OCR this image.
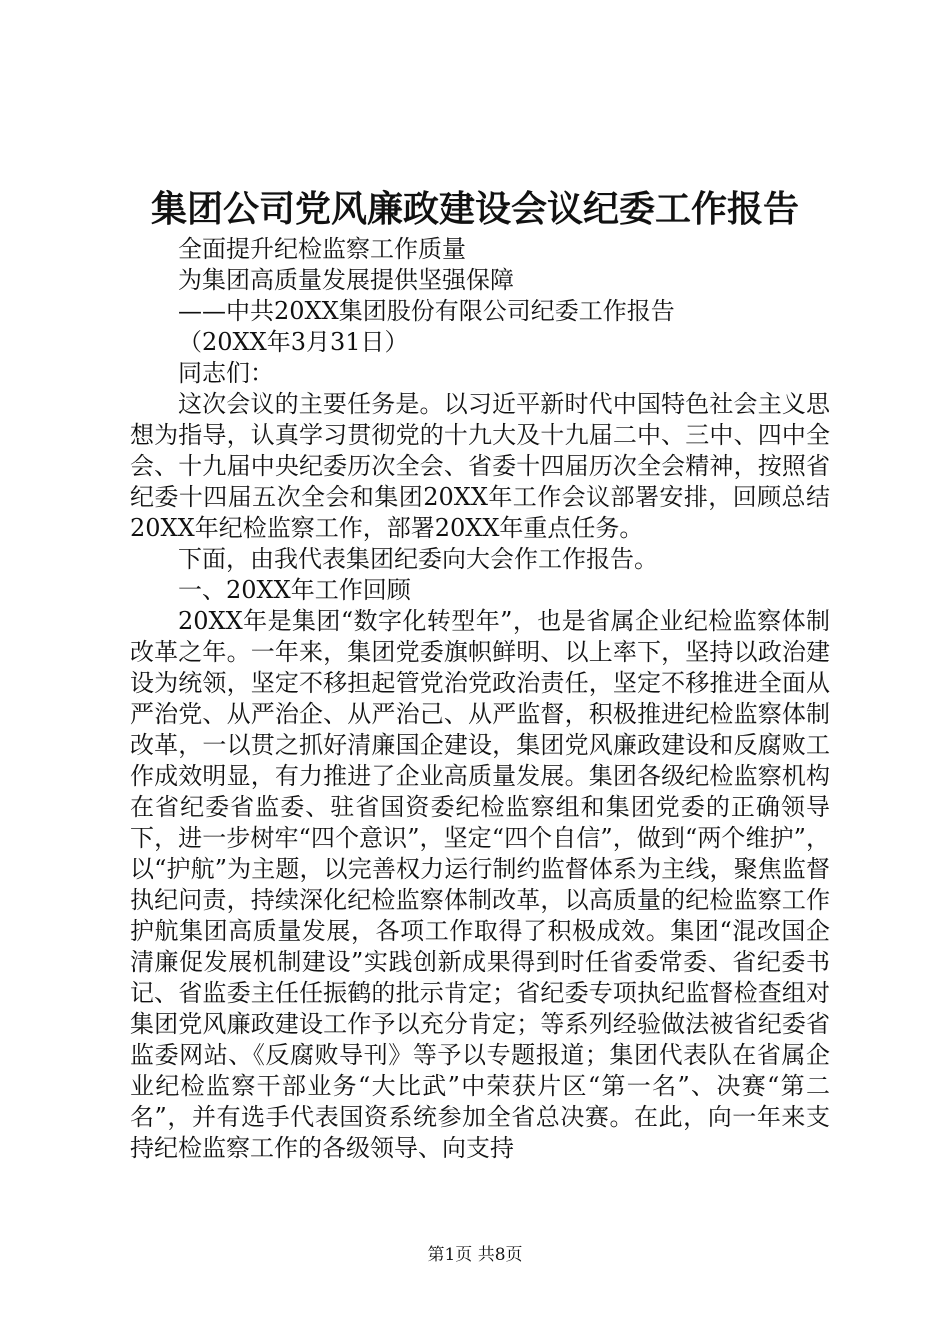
集团公司党风廉政建设会议纪委工作报告

全面提升纪检监察工作质量

为集团高质量发展提供坚强保障

——中共20XX集团股份有限公司纪委工作报告

（20XX年3月31日）

同志们：

这次会议的主要任务是。以习近平新时代中国特色社会主义思想为指导，认真学习贯彻党的十九大及十九届二中、三中、四中全会、十九届中央纪委历次全会、省委十四届历次全会精神，按照省纪委十四届五次全会和集团20XX年工作会议部署安排，回顾总结20XX年纪检监察工作，部署20XX年重点任务。

下面，由我代表集团纪委向大会作工作报告。

一、20XX年工作回顾

20XX年是集团“数字化转型年”，也是省属企业纪检监察体制改革之年。一年来，集团党委旗帜鲜明、以上率下，坚持以政治建设为统领，坚定不移担起管党治党政治责任，坚定不移推进全面从严治党、从严治企、从严治己、从严监督，积极推进纪检监察体制改革，一以贯之抓好清廉国企建设，集团党风廉政建设和反腐败工作成效明显，有力推进了企业高质量发展。集团各级纪检监察机构在省纪委省监委、驻省国资委纪检监察组和集团党委的正确领导下，进一步树牢“四个意识”，坚定“四个自信”，做到“两个维护”，以“护航”为主题，以完善权力运行制约监督体系为主线，聚焦监督执纪问责，持续深化纪检监察体制改革，以高质量的纪检监察工作护航集团高质量发展，各项工作取得了积极成效。集团“混改国企清廉促发展机制建设”实践创新成果得到时任省委常委、省纪委书记、省监委主任任振鹤的批示肯定；省纪委专项执纪监督检查组对集团党风廉政建设工作予以充分肯定；等系列经验做法被省纪委省监委网站、《反腐败导刊》等予以专题报道；集团代表队在省属企业纪检监察干部业务“大比武”中荣获片区“第一名”、决赛“第二名”，并有选手代表国资系统参加全省总决赛。在此，向一年来支持纪检监察工作的各级领导、向支持

第1页 共8页
